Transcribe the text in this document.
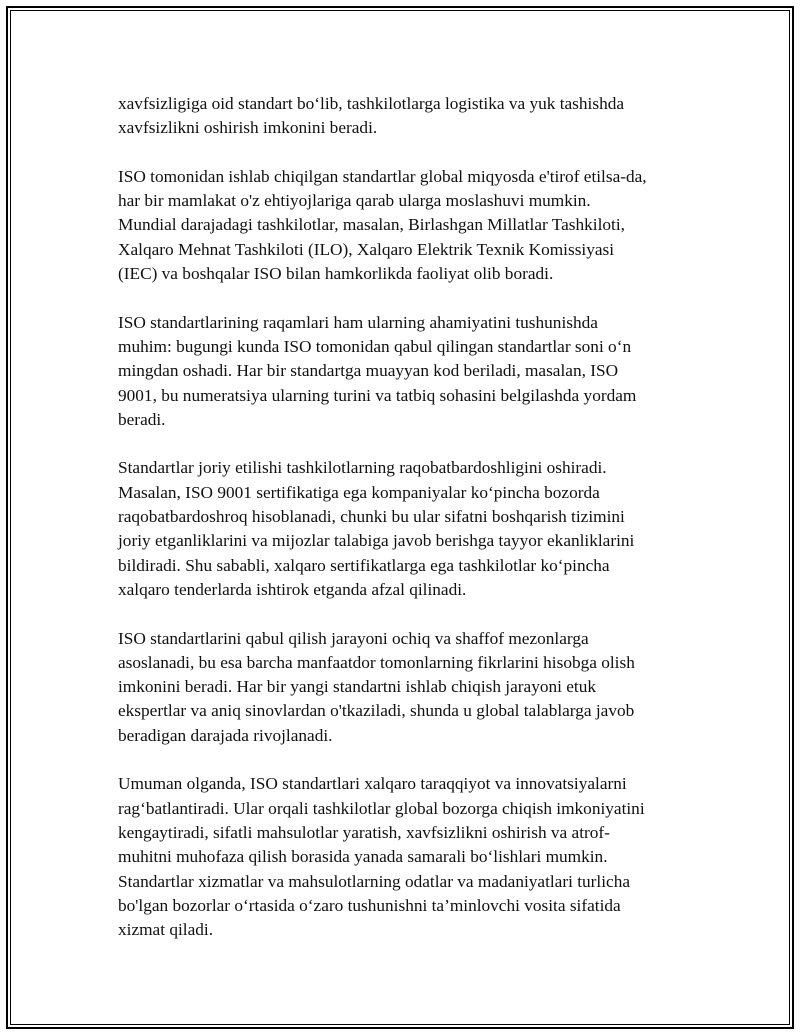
xavfsizligiga oid standart bo‘lib, tashkilotlarga logistika va yuk tashishda
xavfsizlikni oshirish imkonini beradi.

ISO tomonidan ishlab chiqilgan standartlar global miqyosda e'tirof etilsa-da,
har bir mamlakat o'z ehtiyojlariga qarab ularga moslashuvi mumkin.
Mundial darajadagi tashkilotlar, masalan, Birlashgan Millatlar Tashkiloti,
Xalqaro Mehnat Tashkiloti (ILO), Xalqaro Elektrik Texnik Komissiyasi
(IEC) va boshqalar ISO bilan hamkorlikda faoliyat olib boradi.

ISO standartlarining raqamlari ham ularning ahamiyatini tushunishda
muhim: bugungi kunda ISO tomonidan qabul qilingan standartlar soni o‘n
mingdan oshadi. Har bir standartga muayyan kod beriladi, masalan, ISO
9001, bu numeratsiya ularning turini va tatbiq sohasini belgilashda yordam
beradi.

Standartlar joriy etilishi tashkilotlarning raqobatbardoshligini oshiradi.
Masalan, ISO 9001 sertifikatiga ega kompaniyalar ko‘pincha bozorda
raqobatbardoshroq hisoblanadi, chunki bu ular sifatni boshqarish tizimini
joriy etganliklarini va mijozlar talabiga javob berishga tayyor ekanliklarini
bildiradi. Shu sababli, xalqaro sertifikatlarga ega tashkilotlar ko‘pincha
xalqaro tenderlarda ishtirok etganda afzal qilinadi.

ISO standartlarini qabul qilish jarayoni ochiq va shaffof mezonlarga
asoslanadi, bu esa barcha manfaatdor tomonlarning fikrlarini hisobga olish
imkonini beradi. Har bir yangi standartni ishlab chiqish jarayoni etuk
ekspertlar va aniq sinovlardan o'tkaziladi, shunda u global talablarga javob
beradigan darajada rivojlanadi.

Umuman olganda, ISO standartlari xalqaro taraqqiyot va innovatsiyalarni
rag‘batlantiradi. Ular orqali tashkilotlar global bozorga chiqish imkoniyatini
kengaytiradi, sifatli mahsulotlar yaratish, xavfsizlikni oshirish va atrof-
muhitni muhofaza qilish borasida yanada samarali bo‘lishlari mumkin.
Standartlar xizmatlar va mahsulotlarning odatlar va madaniyatlari turlicha
bo'lgan bozorlar o‘rtasida o‘zaro tushunishni ta’minlovchi vosita sifatida
xizmat qiladi.
